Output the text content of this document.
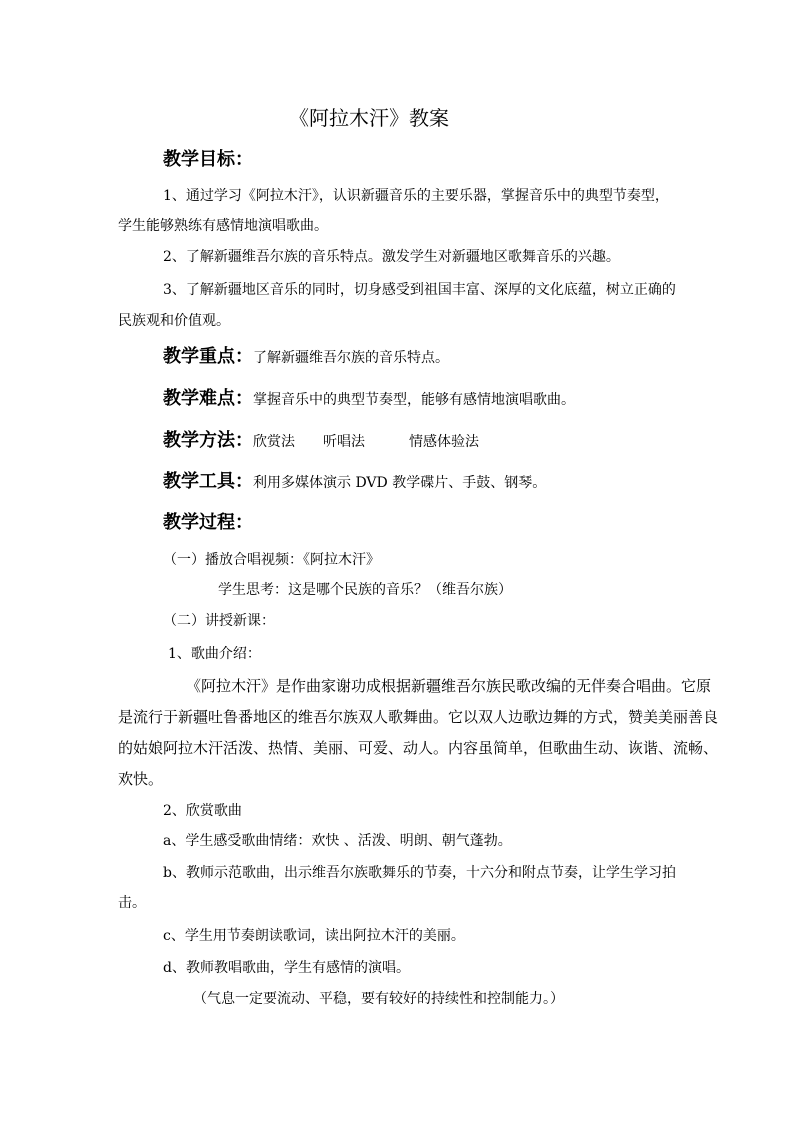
《阿拉木汗》教案
教学目标：
1、通过学习《阿拉木汗》，认识新疆音乐的主要乐器，掌握音乐中的典型节奏型，
学生能够熟练有感情地演唱歌曲。
2、了解新疆维吾尔族的音乐特点。激发学生对新疆地区歌舞音乐的兴趣。
3、了解新疆地区音乐的同时，切身感受到祖国丰富、深厚的文化底蕴，树立正确的
民族观和价值观。
教学重点：了解新疆维吾尔族的音乐特点。
教学难点：掌握音乐中的典型节奏型，能够有感情地演唱歌曲。
教学方法：欣赏法 听唱法	情感体验法
教学工具：利用多媒体演示 DVD 教学碟片、手鼓、钢琴。
教学过程：
（一）播放合唱视频：《阿拉木汗》
学生思考：这是哪个民族的音乐？（维吾尔族）
（二）讲授新课：
1、歌曲介绍：
《阿拉木汗》是作曲家谢功成根据新疆维吾尔族民歌改编的无伴奏合唱曲。它原
是流行于新疆吐鲁番地区的维吾尔族双人歌舞曲。它以双人边歌边舞的方式，赞美美丽善良
的姑娘阿拉木汗活泼、热情、美丽、可爱、动人。内容虽简单，但歌曲生动、诙谐、流畅、
欢快。
2、欣赏歌曲
a、学生感受歌曲情绪：欢快 、活泼、明朗、朝气蓬勃。
b、教师示范歌曲，出示维吾尔族歌舞乐的节奏，十六分和附点节奏，让学生学习拍
击。
c、学生用节奏朗读歌词，读出阿拉木汗的美丽。
d、教师教唱歌曲，学生有感情的演唱。
（气息一定要流动、平稳，要有较好的持续性和控制能力。）
